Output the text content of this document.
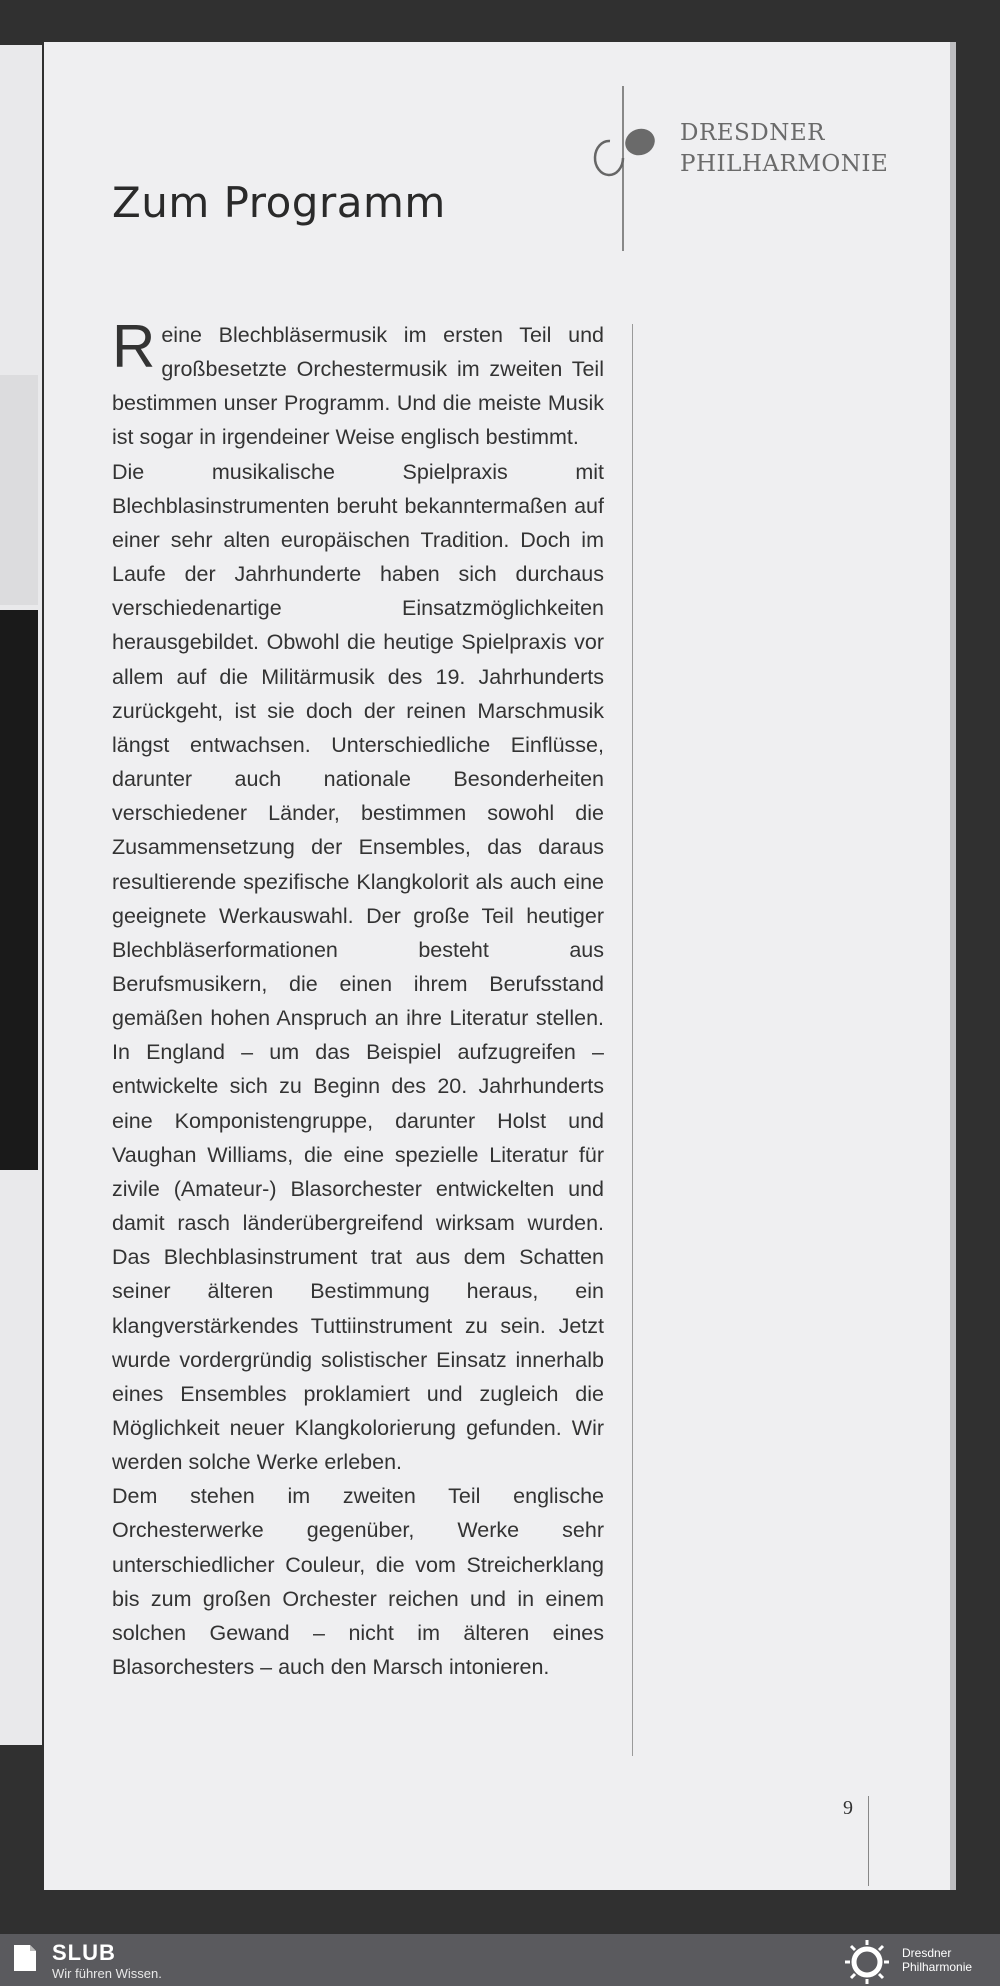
Zum Programm
DRESDNER
PHILHARMONIE

Reine Blechbläsermusik im ersten Teil und großbesetzte Orchestermusik im zweiten Teil bestimmen unser Programm. Und die meiste Musik ist sogar in irgendeiner Weise englisch bestimmt.

Die musikalische Spielpraxis mit Blechblasinstrumenten beruht bekanntermaßen auf einer sehr alten europäischen Tradition. Doch im Laufe der Jahrhunderte haben sich durchaus verschiedenartige Einsatzmöglichkeiten herausgebildet. Obwohl die heutige Spielpraxis vor allem auf die Militärmusik des 19. Jahrhunderts zurückgeht, ist sie doch der reinen Marschmusik längst entwachsen. Unterschiedliche Einflüsse, darunter auch nationale Besonderheiten verschiedener Länder, bestimmen sowohl die Zusammensetzung der Ensembles, das daraus resultierende spezifische Klangkolorit als auch eine geeignete Werkauswahl. Der große Teil heutiger Blechbläserformationen besteht aus Berufsmusikern, die einen ihrem Berufsstand gemäßen hohen Anspruch an ihre Literatur stellen. In England – um das Beispiel aufzugreifen – entwickelte sich zu Beginn des 20. Jahrhunderts eine Komponistengruppe, darunter Holst und Vaughan Williams, die eine spezielle Literatur für zivile (Amateur-) Blasorchester entwickelten und damit rasch länderübergreifend wirksam wurden. Das Blechblasinstrument trat aus dem Schatten seiner älteren Bestimmung heraus, ein klangverstärkendes Tuttiinstrument zu sein. Jetzt wurde vordergründig solistischer Einsatz innerhalb eines Ensembles proklamiert und zugleich die Möglichkeit neuer Klangkolorierung gefunden. Wir werden solche Werke erleben.

Dem stehen im zweiten Teil englische Orchesterwerke gegenüber, Werke sehr unterschiedlicher Couleur, die vom Streicherklang bis zum großen Orchester reichen und in einem solchen Gewand – nicht im älteren eines Blasorchesters – auch den Marsch intonieren.

9
SLUB
Wir führen Wissen.
Dresdner
Philharmonie
